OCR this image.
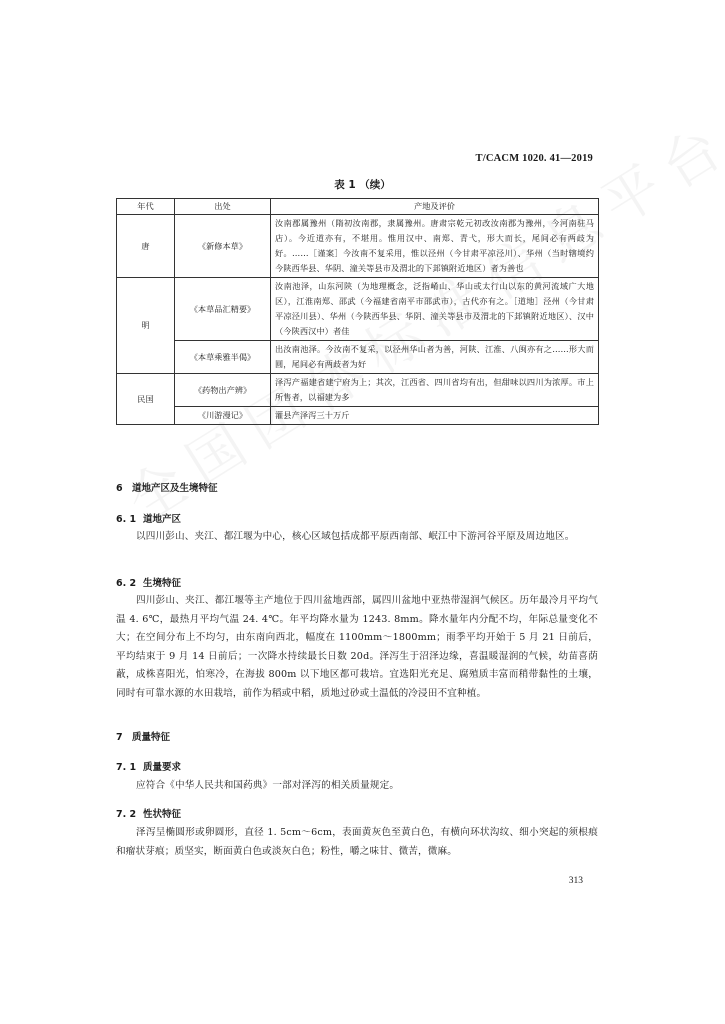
T/CACM 1020. 41—2019
表 1 （续）
年代	出处	产地及评价
唐	《新修本草》	汝南郡属豫州（隋初汝南郡，隶属豫州。唐肃宗乾元初改汝南郡为豫州，今河南驻马店）。今近道亦有，不堪用。惟用汉中、南郑、青弋，形大而长，尾间必有两歧为好。……［谨案］今汝南不复采用，惟以泾州（今甘肃平凉泾川）、华州（当时辖境约今陕西华县、华阴、潼关等县市及渭北的下邽镇附近地区）者为善也
明	《本草品汇精要》	汝南池泽，山东河陕（为地理概念，泛指崤山、华山或太行山以东的黄河流域广大地区），江淮南郑、邵武（今福建省南平市邵武市），古代亦有之。［道地］泾州（今甘肃平凉泾川县）、华州（今陕西华县、华阴、潼关等县市及渭北的下邽镇附近地区）、汉中（今陕西汉中）者佳
	《本草乘雅半偈》	出汝南池泽。今汝南不复采，以泾州华山者为善，河陕、江淮、八闽亦有之……形大而圆，尾间必有两歧者为好
民国	《药物出产辨》	泽泻产福建省建宁府为上；其次，江西省、四川省均有出，但甜味以四川为浓厚。市上所售者，以福建为多
	《川游漫记》	灌县产泽泻三十万斤
6 道地产区及生境特征
6. 1 道地产区
以四川彭山、夹江、都江堰为中心，核心区域包括成都平原西南部、岷江中下游河谷平原及周边地区。
6. 2 生境特征
四川彭山、夹江、都江堰等主产地位于四川盆地西部，属四川盆地中亚热带湿润气候区。历年最冷月平均气温 4. 6℃，最热月平均气温 24. 4℃。年平均降水量为 1243. 8mm。降水量年内分配不均，年际总量变化不大；在空间分布上不均匀，由东南向西北，幅度在 1100mm～1800mm；雨季平均开始于 5 月 21 日前后，平均结束于 9 月 14 日前后；一次降水持续最长日数 20d。泽泻生于沼泽边缘，喜温暖湿润的气候，幼苗喜荫蔽，成株喜阳光，怕寒冷，在海拔 800m 以下地区都可栽培。宜选阳光充足、腐殖质丰富而稍带黏性的土壤，同时有可靠水源的水田栽培，前作为稻或中稻，质地过砂或土温低的冷浸田不宜种植。
7 质量特征
7. 1 质量要求
应符合《中华人民共和国药典》一部对泽泻的相关质量规定。
7. 2 性状特征
泽泻呈椭圆形或卵圆形，直径 1. 5cm～6cm，表面黄灰色至黄白色，有横向环状沟纹、细小突起的须根痕和瘤状芽痕；质坚实，断面黄白色或淡灰白色；粉性，嚼之味甘、微苦，微麻。
313
